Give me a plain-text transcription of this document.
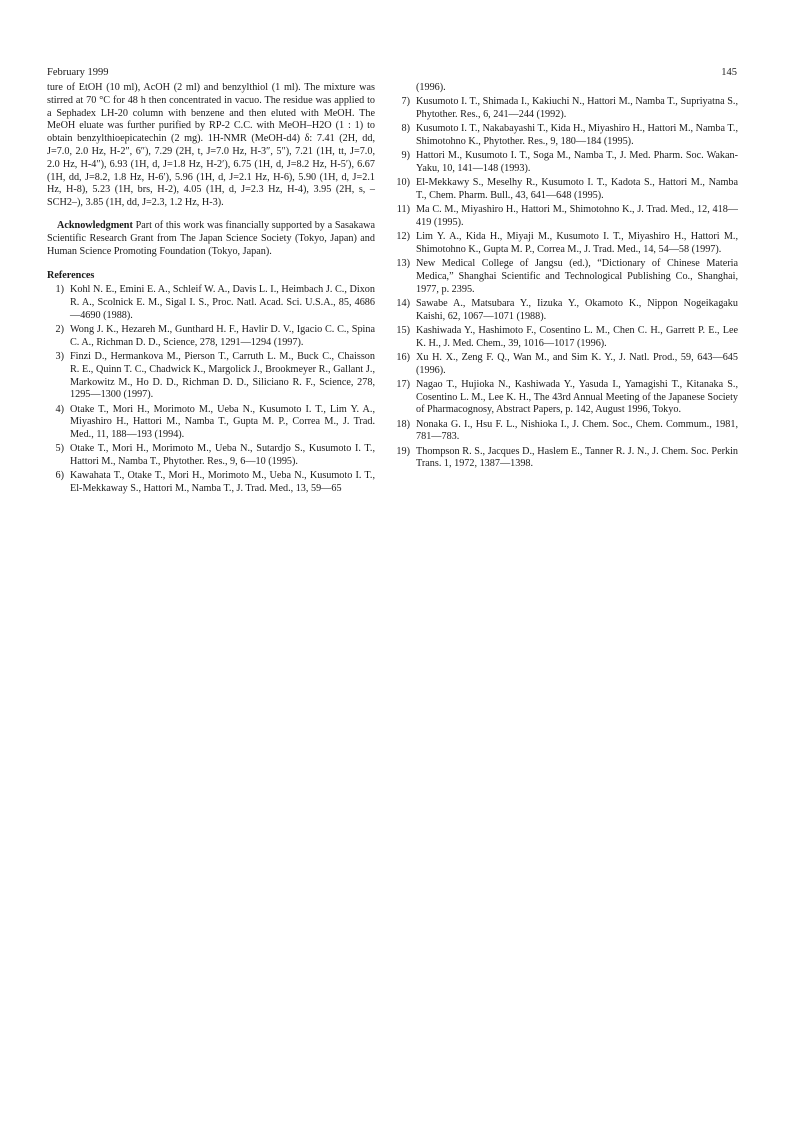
February 1999	145

ture of EtOH (10 ml), AcOH (2 ml) and benzylthiol (1 ml). The mixture was stirred at 70 °C for 48 h then concentrated in vacuo. The residue was applied to a Sephadex LH-20 column with benzene and then eluted with MeOH. The MeOH eluate was further purified by RP-2 C.C. with MeOH–H2O (1 : 1) to obtain benzylthioepicatechin (2 mg). 1H-NMR (MeOH-d4) δ: 7.41 (2H, dd, J=7.0, 2.0 Hz, H-2″, 6″), 7.29 (2H, t, J=7.0 Hz, H-3″, 5″), 7.21 (1H, tt, J=7.0, 2.0 Hz, H-4″), 6.93 (1H, d, J=1.8 Hz, H-2′), 6.75 (1H, d, J=8.2 Hz, H-5′), 6.67 (1H, dd, J=8.2, 1.8 Hz, H-6′), 5.96 (1H, d, J=2.1 Hz, H-6), 5.90 (1H, d, J=2.1 Hz, H-8), 5.23 (1H, brs, H-2), 4.05 (1H, d, J=2.3 Hz, H-4), 3.95 (2H, s, –SCH2–), 3.85 (1H, dd, J=2.3, 1.2 Hz, H-3).

Acknowledgment Part of this work was financially supported by a Sasakawa Scientific Research Grant from The Japan Science Society (Tokyo, Japan) and Human Science Promoting Foundation (Tokyo, Japan).

References
1) Kohl N. E., Emini E. A., Schleif W. A., Davis L. I., Heimbach J. C., Dixon R. A., Scolnick E. M., Sigal I. S., Proc. Natl. Acad. Sci. U.S.A., 85, 4686—4690 (1988).
2) Wong J. K., Hezareh M., Gunthard H. F., Havlir D. V., Igacio C. C., Spina C. A., Richman D. D., Science, 278, 1291—1294 (1997).
3) Finzi D., Hermankova M., Pierson T., Carruth L. M., Buck C., Chaisson R. E., Quinn T. C., Chadwick K., Margolick J., Brookmeyer R., Gallant J., Markowitz M., Ho D. D., Richman D. D., Siliciano R. F., Science, 278, 1295—1300 (1997).
4) Otake T., Mori H., Morimoto M., Ueba N., Kusumoto I. T., Lim Y. A., Miyashiro H., Hattori M., Namba T., Gupta M. P., Correa M., J. Trad. Med., 11, 188—193 (1994).
5) Otake T., Mori H., Morimoto M., Ueba N., Sutardjo S., Kusumoto I. T., Hattori M., Namba T., Phytother. Res., 9, 6—10 (1995).
6) Kawahata T., Otake T., Mori H., Morimoto M., Ueba N., Kusumoto I. T., El-Mekkaway S., Hattori M., Namba T., J. Trad. Med., 13, 59—65
(1996).
7) Kusumoto I. T., Shimada I., Kakiuchi N., Hattori M., Namba T., Supriyatna S., Phytother. Res., 6, 241—244 (1992).
8) Kusumoto I. T., Nakabayashi T., Kida H., Miyashiro H., Hattori M., Namba T., Shimotohno K., Phytother. Res., 9, 180—184 (1995).
9) Hattori M., Kusumoto I. T., Soga M., Namba T., J. Med. Pharm. Soc. Wakan-Yaku, 10, 141—148 (1993).
10) El-Mekkawy S., Meselhy R., Kusumoto I. T., Kadota S., Hattori M., Namba T., Chem. Pharm. Bull., 43, 641—648 (1995).
11) Ma C. M., Miyashiro H., Hattori M., Shimotohno K., J. Trad. Med., 12, 418—419 (1995).
12) Lim Y. A., Kida H., Miyaji M., Kusumoto I. T., Miyashiro H., Hattori M., Shimotohno K., Gupta M. P., Correa M., J. Trad. Med., 14, 54—58 (1997).
13) New Medical College of Jangsu (ed.), “Dictionary of Chinese Materia Medica,” Shanghai Scientific and Technological Publishing Co., Shanghai, 1977, p. 2395.
14) Sawabe A., Matsubara Y., Iizuka Y., Okamoto K., Nippon Nogeikagaku Kaishi, 62, 1067—1071 (1988).
15) Kashiwada Y., Hashimoto F., Cosentino L. M., Chen C. H., Garrett P. E., Lee K. H., J. Med. Chem., 39, 1016—1017 (1996).
16) Xu H. X., Zeng F. Q., Wan M., and Sim K. Y., J. Natl. Prod., 59, 643—645 (1996).
17) Nagao T., Hujioka N., Kashiwada Y., Yasuda I., Yamagishi T., Kitanaka S., Cosentino L. M., Lee K. H., The 43rd Annual Meeting of the Japanese Society of Pharmacognosy, Abstract Papers, p. 142, August 1996, Tokyo.
18) Nonaka G. I., Hsu F. L., Nishioka I., J. Chem. Soc., Chem. Commum., 1981, 781—783.
19) Thompson R. S., Jacques D., Haslem E., Tanner R. J. N., J. Chem. Soc. Perkin Trans. 1, 1972, 1387—1398.
